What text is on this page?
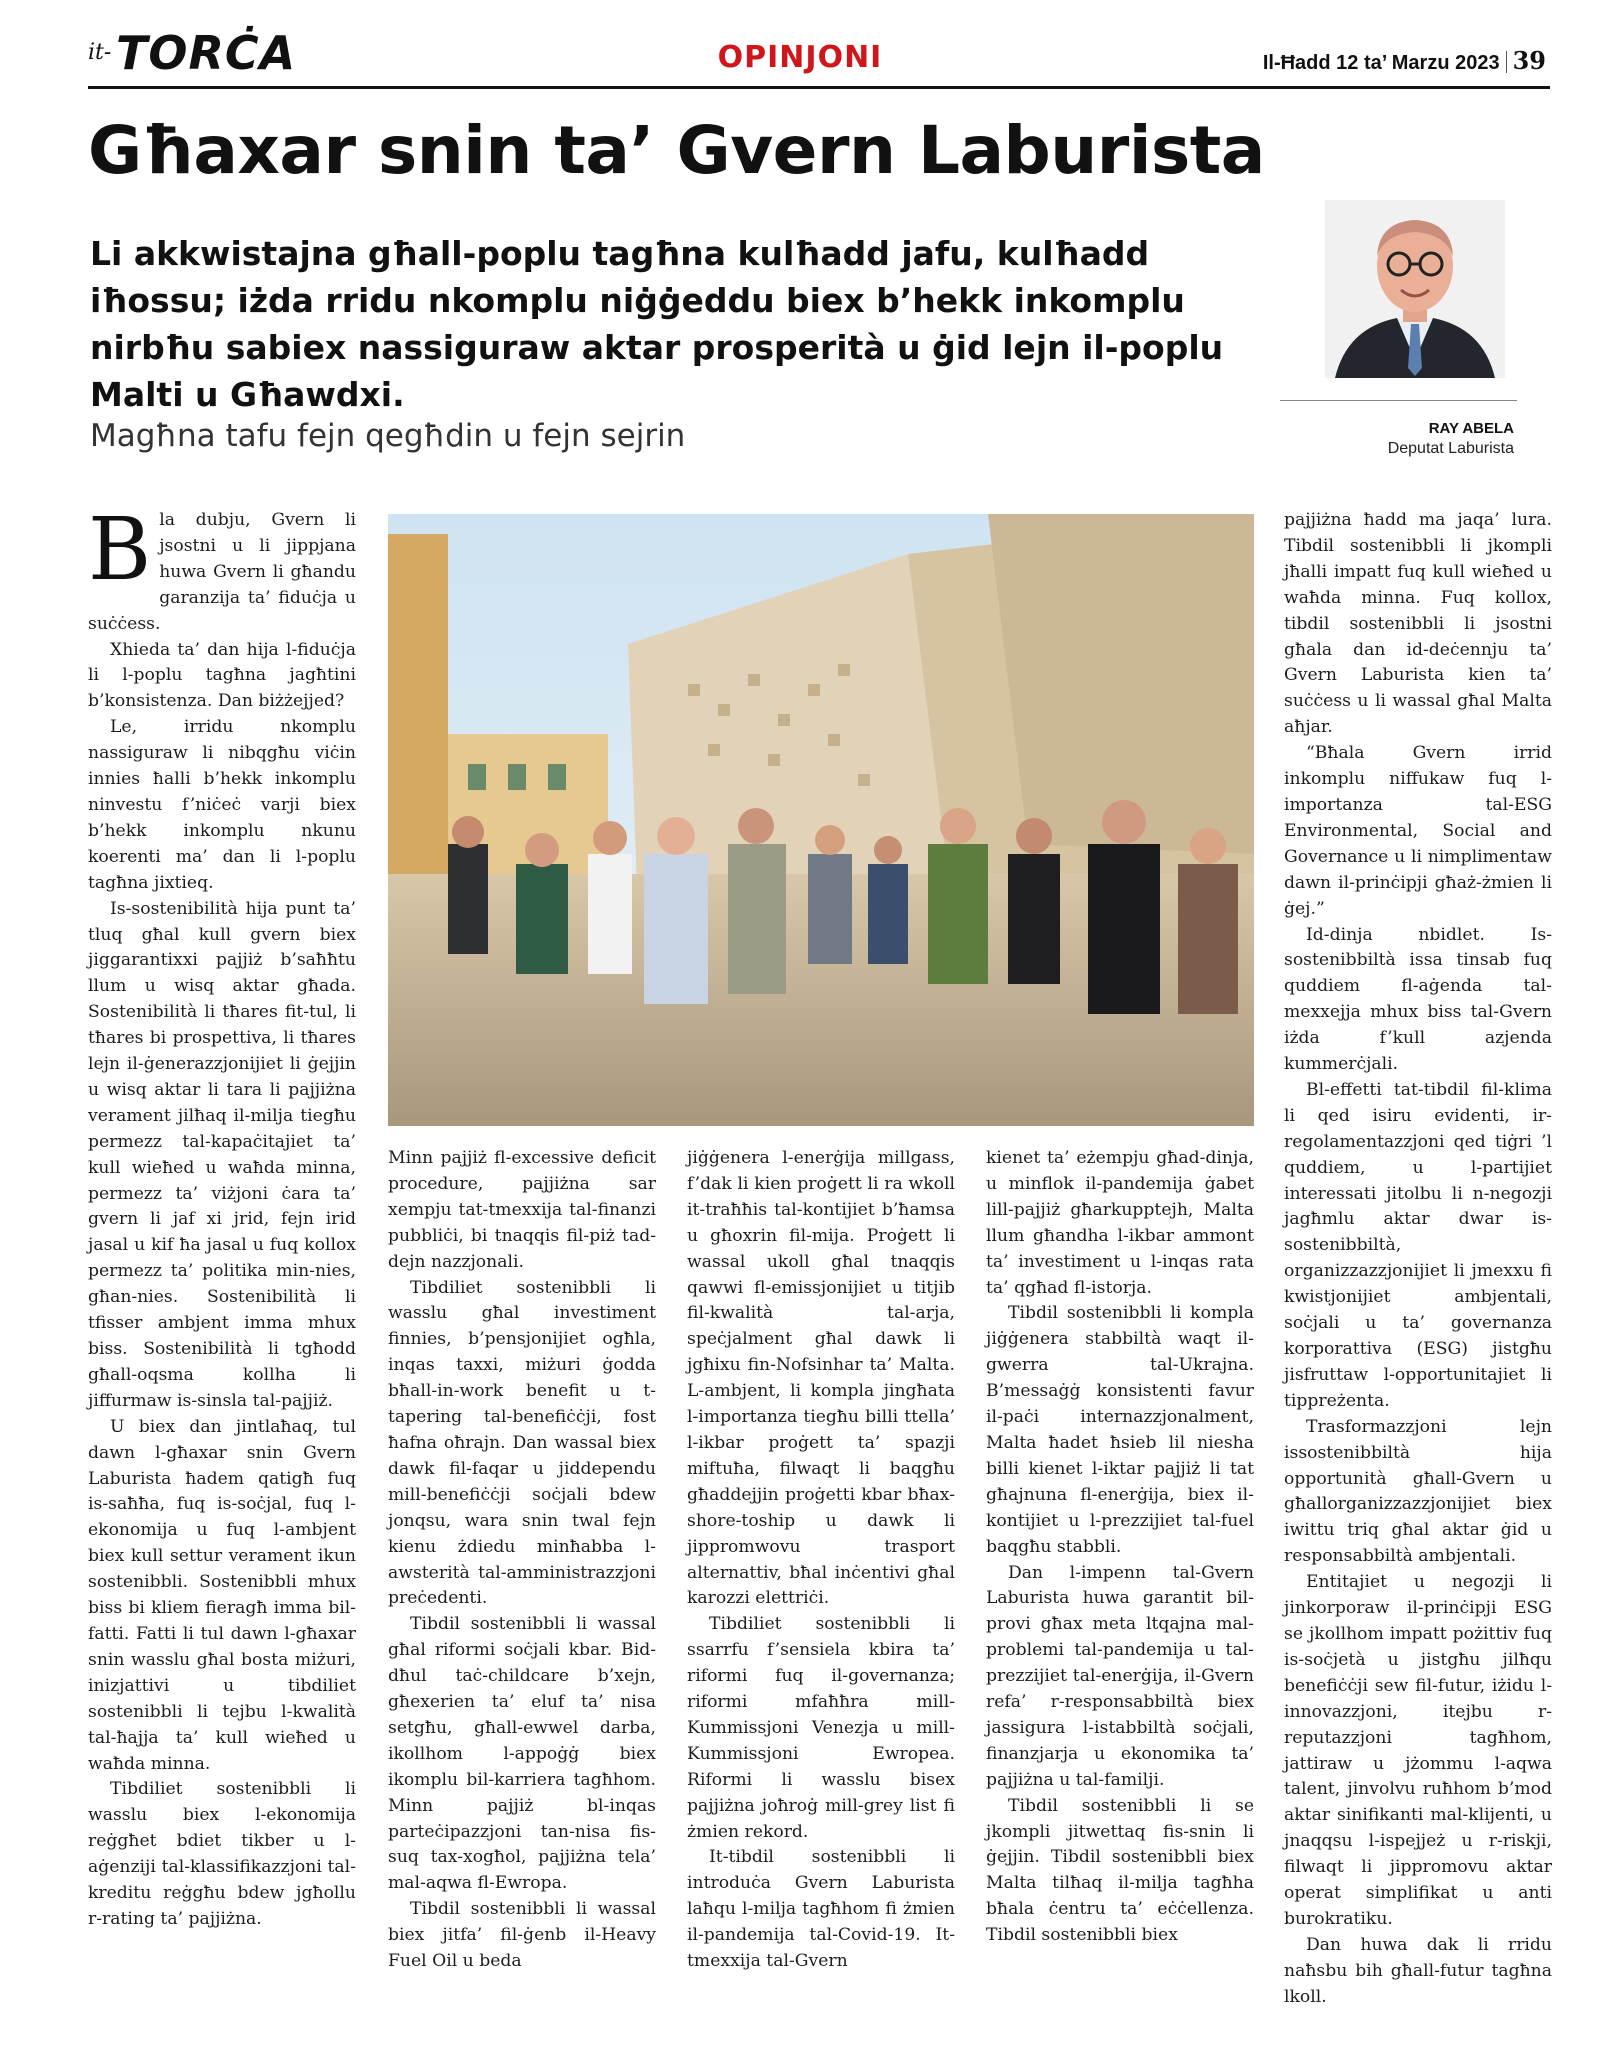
it- TORĊA	OPINJONI	Il-Ħadd 12 ta’ Marzu 2023 39
Għaxar snin ta’ Gvern Laburista

Li akkwistajna għall-poplu tagħna kulħadd jafu, kulħadd iħossu; iżda rridu nkomplu niġġeddu biex b’hekk inkomplu nirbħu sabiex nassiguraw aktar prosperità u ġid lejn il-poplu Malti u Għawdxi.

Magħna tafu fejn qegħdin u fejn sejrin	RAY ABELA
Deputat Laburista

Bla dubju, Gvern li jsostni u li jippjana huwa Gvern li għandu garanzija ta’ fiduċja u suċċess.

Xhieda ta’ dan hija l-fiduċja li l-poplu tagħna jagħtini b’konsistenza. Dan biżżejjed?

Le, irridu nkomplu nassiguraw li nibqgħu viċin innies ħalli b’hekk inkomplu ninvestu f’niċeċ varji biex b’hekk inkomplu nkunu koerenti ma’ dan li l-poplu tagħna jixtieq.

Is-sostenibilità hija punt ta’ tluq għal kull gvern biex jiggarantixxi pajjiż b’saħħtu llum u wisq aktar għada. Sostenibilità li tħares fit-tul, li tħares bi prospettiva, li tħares lejn il-ġenerazzjonijiet li ġejjin u wisq aktar li tara li pajjiżna verament jilħaq il-milja tiegħu permezz tal-kapaċitajiet ta’ kull wieħed u waħda minna, permezz ta’ viżjoni ċara ta’ gvern li jaf xi jrid, fejn irid jasal u kif ħa jasal u fuq kollox permezz ta’ politika min-nies, għan-nies. Sostenibilità li tfisser ambjent imma mhux biss. Sostenibilità li tgħodd għall-oqsma kollha li jiffurmaw is-sinsla tal-pajjiż.

U biex dan jintlaħaq, tul dawn l-għaxar snin Gvern Laburista ħadem qatigħ fuq is-saħħa, fuq is-soċjal, fuq l-ekonomija u fuq l-ambjent biex kull settur verament ikun sostenibbli. Sostenibbli mhux biss bi kliem fieragħ imma bil-fatti. Fatti li tul dawn l-għaxar snin wasslu għal bosta miżuri, inizjattivi u tibdiliet sostenibbli li tejbu l-kwalità tal-ħajja ta’ kull wieħed u waħda minna.

Tibdiliet sostenibbli li wasslu biex l-ekonomija reġgħet bdiet tikber u l-aġenziji tal-klassifikazzjoni tal-kreditu reġgħu bdew jgħollu r-rating ta’ pajjiżna.

Minn pajjiż fl-excessive deficit procedure, pajjiżna sar xempju tat-tmexxija tal-finanzi pubbliċi, bi tnaqqis fil-piż tad-dejn nazzjonali.

Tibdiliet sostenibbli li wasslu għal investiment finnies, b’pensjonijiet ogħla, inqas taxxi, miżuri ġodda bħall-in-work benefit u t-tapering tal-benefiċċji, fost ħafna oħrajn. Dan wassal biex dawk fil-faqar u jiddependu mill-benefiċċji soċjali bdew jonqsu, wara snin twal fejn kienu żdiedu minħabba l-awsterità tal-amministrazzjoni preċedenti.

Tibdil sostenibbli li wassal għal riformi soċjali kbar. Bid-dħul taċ-childcare b’xejn, għexerien ta’ eluf ta’ nisa setgħu, għall-ewwel darba, ikollhom l-appoġġ biex ikomplu bil-karriera tagħhom. Minn pajjiż bl-inqas parteċipazzjoni tan-nisa fis-suq tax-xogħol, pajjiżna tela’ mal-aqwa fl-Ewropa.

Tibdil sostenibbli li wassal biex jitfa’ fil-ġenb il-Heavy Fuel Oil u beda

jiġġenera l-enerġija millgass, f’dak li kien proġett li ra wkoll it-traħħis tal-kontijiet b’ħamsa u għoxrin fil-mija. Proġett li wassal ukoll għal tnaqqis qawwi fl-emissjonijiet u titjib fil-kwalità tal-arja, speċjalment għal dawk li jgħixu fin-Nofsinhar ta’ Malta. L-ambjent, li kompla jingħata l-importanza tiegħu billi ttella’ l-ikbar proġett ta’ spazji miftuħa, filwaqt li baqgħu għaddejjin proġetti kbar bħax-shore-toship u dawk li jippromwovu trasport alternattiv, bħal inċentivi għal karozzi elettriċi.

Tibdiliet sostenibbli li ssarrfu f’sensiela kbira ta’ riformi fuq il-governanza; riformi mfaħħra mill-Kummissjoni Venezja u mill-Kummissjoni Ewropea. Riformi li wasslu bisex pajjiżna joħroġ mill-grey list fi żmien rekord.

It-tibdil sostenibbli li introduċa Gvern Laburista laħqu l-milja tagħhom fi żmien il-pandemija tal-Covid-19. It-tmexxija tal-Gvern

kienet ta’ eżempju għad-dinja, u minflok il-pandemija ġabet lill-pajjiż għarkupptejh, Malta llum għandha l-ikbar ammont ta’ investiment u l-inqas rata ta’ qgħad fl-istorja.

Tibdil sostenibbli li kompla jiġġenera stabbiltà waqt il-gwerra tal-Ukrajna. B’messaġġ konsistenti favur il-paċi internazzjonalment, Malta ħadet ħsieb lil niesha billi kienet l-iktar pajjiż li tat għajnuna fl-enerġija, biex il-kontijiet u l-prezzijiet tal-fuel baqgħu stabbli.

Dan l-impenn tal-Gvern Laburista huwa garantit bil-provi għax meta ltqajna mal-problemi tal-pandemija u tal-prezzijiet tal-enerġija, il-Gvern refa’ r-responsabbiltà biex jassigura l-istabbiltà soċjali, finanzjarja u ekonomika ta’ pajjiżna u tal-familji.

Tibdil sostenibbli li se jkompli jitwettaq fis-snin li ġejjin. Tibdil sostenibbli biex Malta tilħaq il-milja tagħha bħala ċentru ta’ eċċellenza. Tibdil sostenibbli biex

pajjiżna ħadd ma jaqa’ lura. Tibdil sostenibbli li jkompli jħalli impatt fuq kull wieħed u waħda minna. Fuq kollox, tibdil sostenibbli li jsostni għala dan id-deċennju ta’ Gvern Laburista kien ta’ suċċess u li wassal għal Malta aħjar.

“Bħala Gvern irrid inkomplu niffukaw fuq l-importanza tal-ESG Environmental, Social and Governance u li nimplimentaw dawn il-prinċipji għaż-żmien li ġej.”

Id-dinja nbidlet. Is-sostenibbiltà issa tinsab fuq quddiem fl-aġenda tal-mexxejja mhux biss tal-Gvern iżda f’kull azjenda kummerċjali.

Bl-effetti tat-tibdil fil-klima li qed isiru evidenti, ir-regolamentazzjoni qed tiġri ’l quddiem, u l-partijiet interessati jitolbu li n-negozji jagħmlu aktar dwar is-sostenibbiltà, organizzazzjonijiet li jmexxu fi kwistjonijiet ambjentali, soċjali u ta’ governanza korporattiva (ESG) jistgħu jisfruttaw l-opportunitajiet li tippreżenta.

Trasformazzjoni lejn issostenibbiltà hija opportunità għall-Gvern u għallorganizzazzjonijiet biex iwittu triq għal aktar ġid u responsabbiltà ambjentali.

Entitajiet u negozji li jinkorporaw il-prinċipji ESG se jkollhom impatt pożittiv fuq is-soċjetà u jistgħu jilħqu benefiċċji sew fil-futur, iżidu l-innovazzjoni, itejbu r-reputazzjoni tagħhom, jattiraw u jżommu l-aqwa talent, jinvolvu ruħhom b’mod aktar sinifikanti mal-klijenti, u jnaqqsu l-ispejjeż u r-riskji, filwaqt li jippromovu aktar operat simplifikat u anti burokratiku.

Dan huwa dak li rridu naħsbu bih għall-futur tagħna lkoll.
